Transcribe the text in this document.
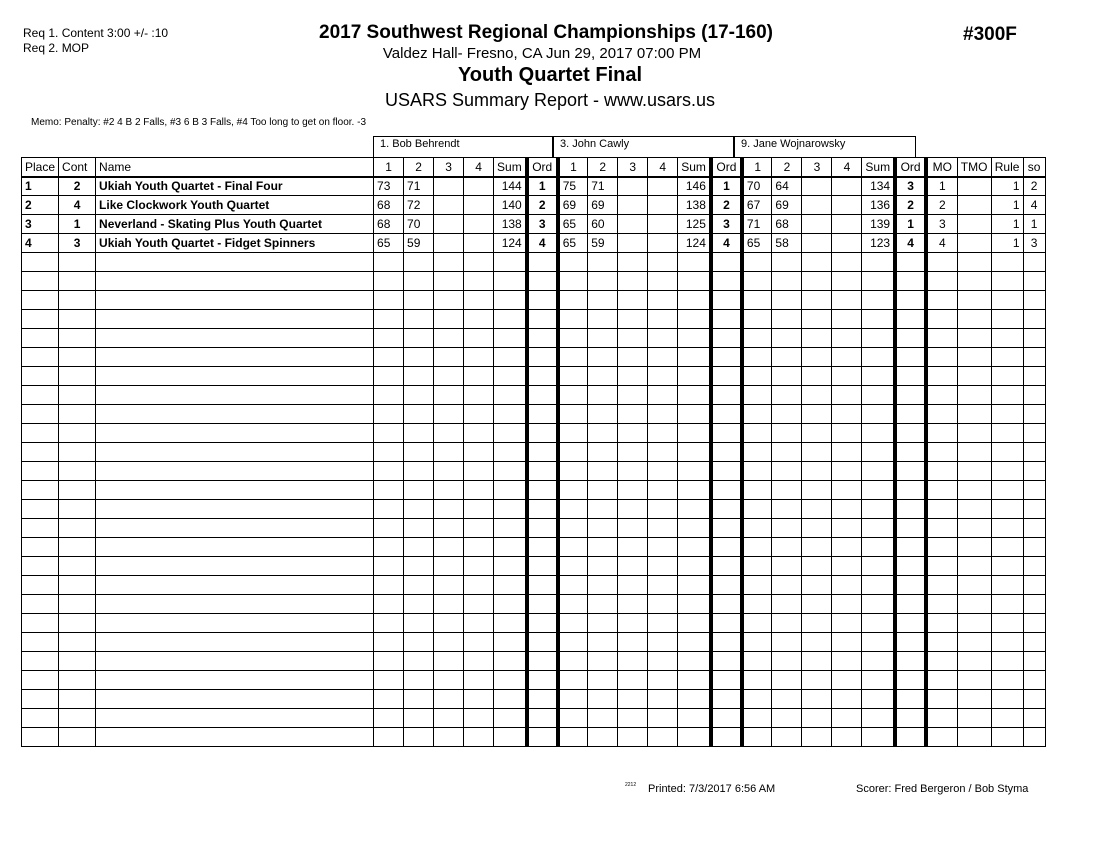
Req 1. Content 3:00 +/- :10
Req 2. MOP
2017 Southwest Regional Championships (17-160)
Valdez Hall- Fresno, CA Jun 29, 2017 07:00 PM
Youth Quartet Final
USARS Summary Report - www.usars.us
#300F
Memo: Penalty: #2 4 B 2 Falls, #3 6 B 3 Falls, #4 Too long to get on floor. -3
1. Bob Behrendt	3. John Cawly	9. Jane Wojnarowsky
Place	Cont	Name	1	2	3	4	Sum	Ord	1	2	3	4	Sum	Ord	1	2	3	4	Sum	Ord	MO	TMO	Rule	so
1	2	Ukiah Youth Quartet - Final Four	73	71			144	1	75	71			146	1	70	64			134	3	1		1	2
2	4	Like Clockwork Youth Quartet	68	72			140	2	69	69			138	2	67	69			136	2	2		1	4
3	1	Neverland - Skating Plus Youth Quartet	68	70			138	3	65	60			125	3	71	68			139	1	3		1	1
4	3	Ukiah Youth Quartet - Fidget Spinners	65	59			124	4	65	59			124	4	65	58			123	4	4		1	3

2212 Printed: 7/3/2017 6:56 AM	Scorer: Fred Bergeron / Bob Styma
